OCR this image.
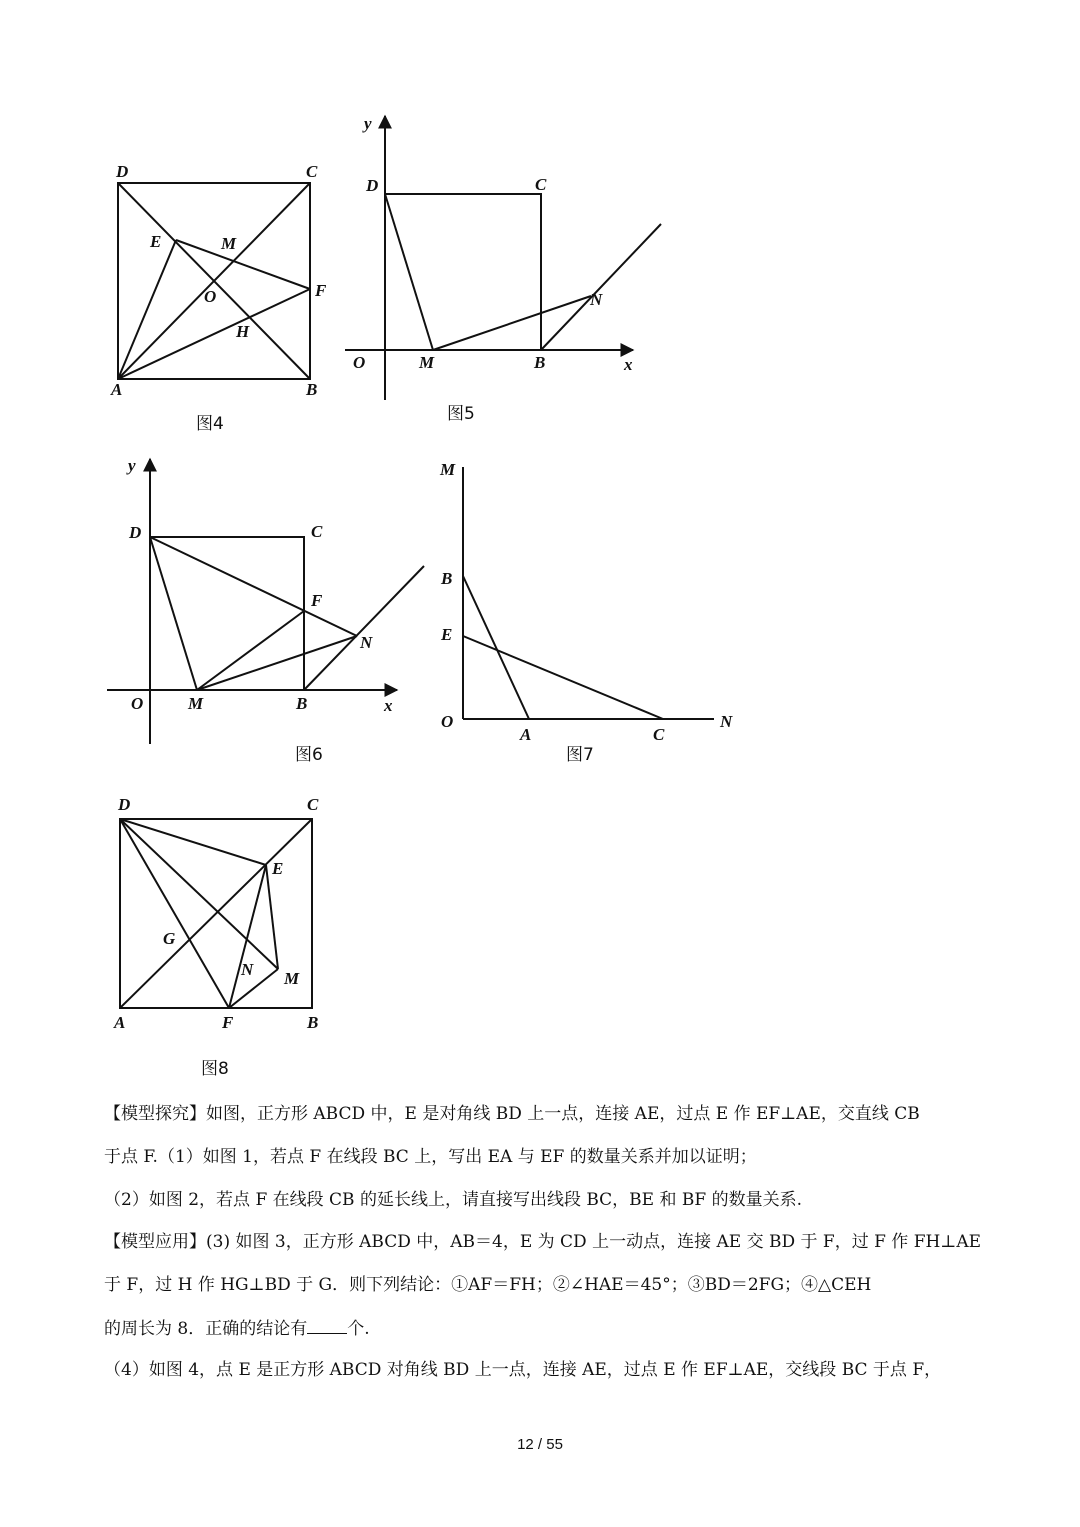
D	C
E	M
O	F
H
A	B
图4
y
D	C
N
O	M	B	x
图5
y
D	C
F
N
O	M	B	x
图6
M
B
E
O
A	C
N
图7
D	C
E
G
N M
A	F	B
图8
【模型探究】如图，正方形 ABCD 中，E 是对角线 BD 上一点，连接 AE，过点 E 作 EF⊥AE，交直线 CB
于点 F.（1）如图 1，若点 F 在线段 BC 上，写出 EA 与 EF 的数量关系并加以证明；
（2）如图 2，若点 F 在线段 CB 的延长线上，请直接写出线段 BC，BE 和 BF 的数量关系.
【模型应用】(3) 如图 3，正方形 ABCD 中，AB＝4，E 为 CD 上一动点，连接 AE 交 BD 于 F，过 F 作 FH⊥AE
于 F，过 H 作 HG⊥BD 于 G．则下列结论：①AF＝FH；②∠HAE＝45°；③BD＝2FG；④△CEH
的周长为 8．正确的结论有 个.
（4）如图 4，点 E 是正方形 ABCD 对角线 BD 上一点，连接 AE，过点 E 作 EF⊥AE，交线段 BC 于点 F，
12 / 55
